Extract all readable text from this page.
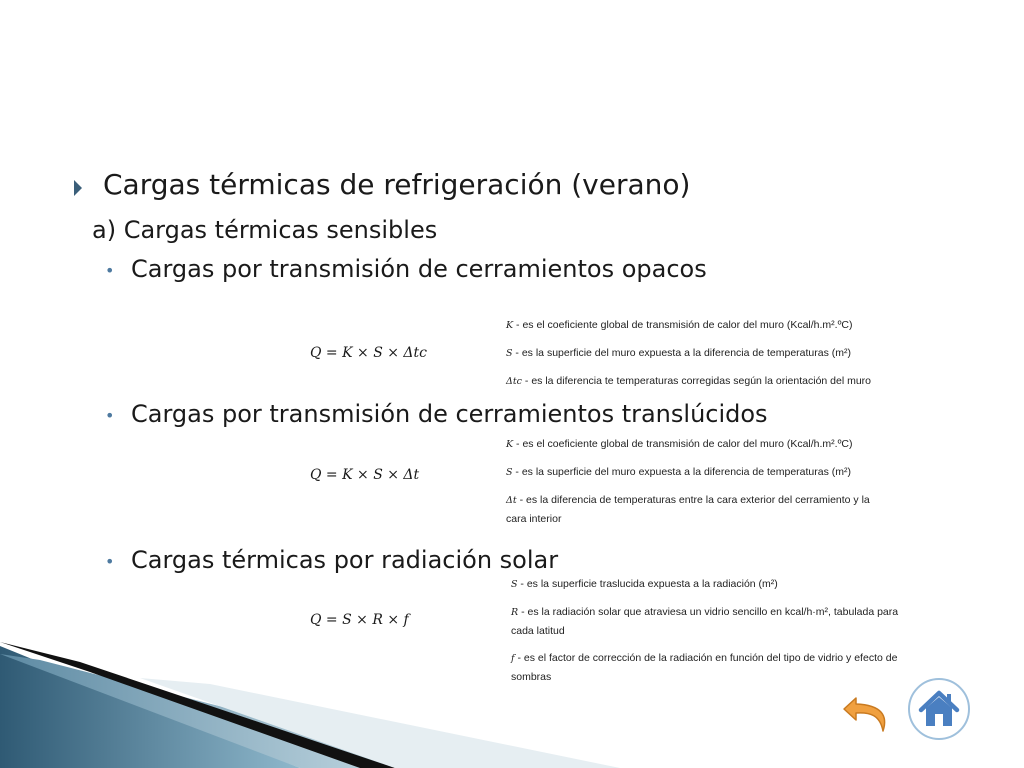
Cargas térmicas de refrigeración (verano)
a) Cargas térmicas sensibles
• Cargas por transmisión de cerramientos opacos
Q = K × S × Δtc

K - es el coeficiente global de transmisión de calor del muro (Kcal/h.m².ºC)

S - es la superficie del muro expuesta a la diferencia de temperaturas (m²)

Δtc - es la diferencia te temperaturas corregidas según la orientación del muro

• Cargas por transmisión de cerramientos translúcidos
Q = K × S × Δt

K - es el coeficiente global de transmisión de calor del muro (Kcal/h.m².ºC)

S - es la superficie del muro expuesta a la diferencia de temperaturas (m²)

Δt - es la diferencia de temperaturas entre la cara exterior del cerramiento y la cara interior

• Cargas térmicas por radiación solar
Q = S × R × f

S - es la superficie traslucida expuesta a la radiación (m²)

R - es la radiación solar que atraviesa un vidrio sencillo en kcal/h·m², tabulada para cada latitud

f - es el factor de corrección de la radiación en función del tipo de vidrio y efecto de sombras
